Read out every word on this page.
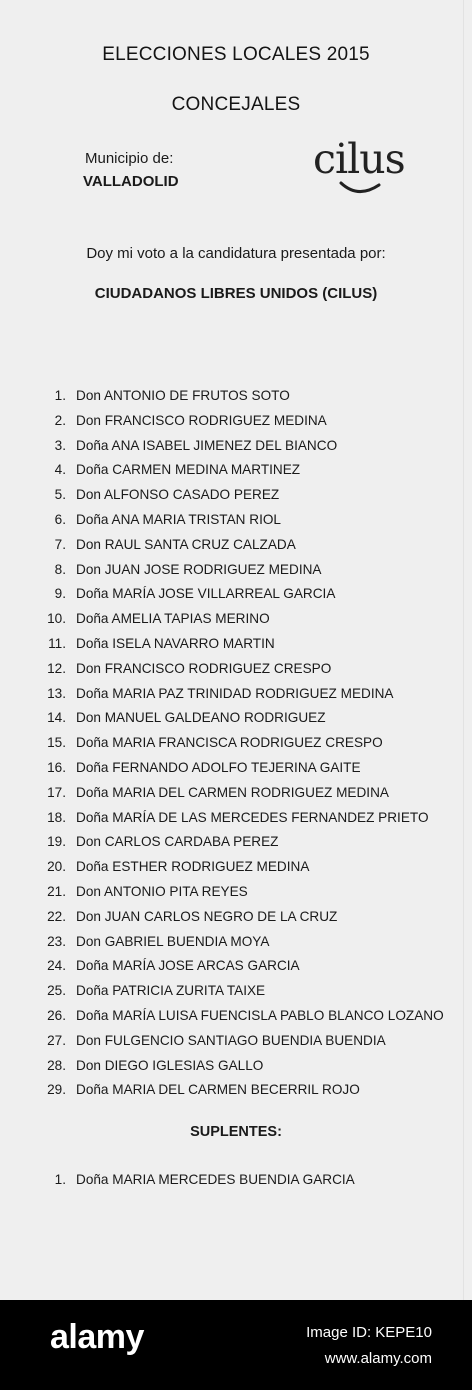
ELECCIONES LOCALES 2015
CONCEJALES
Municipio de:
VALLADOLID	cilus
Doy mi voto a la candidatura presentada por:
CIUDADANOS LIBRES UNIDOS (CILUS)
1. Don ANTONIO DE FRUTOS SOTO
2. Don FRANCISCO RODRIGUEZ MEDINA
3. Doña ANA ISABEL JIMENEZ DEL BIANCO
4. Doña CARMEN MEDINA MARTINEZ
5. Don ALFONSO CASADO PEREZ
6. Doña ANA MARIA TRISTAN RIOL
7. Don RAUL SANTA CRUZ CALZADA
8. Don JUAN JOSE RODRIGUEZ MEDINA
9. Doña MARÍA JOSE VILLARREAL GARCIA
10. Doña AMELIA TAPIAS MERINO
11. Doña ISELA NAVARRO MARTIN
12. Don FRANCISCO RODRIGUEZ CRESPO
13. Doña MARIA PAZ TRINIDAD RODRIGUEZ MEDINA
14. Don MANUEL GALDEANO RODRIGUEZ
15. Doña MARIA FRANCISCA RODRIGUEZ CRESPO
16. Doña FERNANDO ADOLFO TEJERINA GAITE
17. Doña MARIA DEL CARMEN RODRIGUEZ MEDINA
18. Doña MARÍA DE LAS MERCEDES FERNANDEZ PRIETO
19. Don CARLOS CARDABA PEREZ
20. Doña ESTHER RODRIGUEZ MEDINA
21. Don ANTONIO PITA REYES
22. Don JUAN CARLOS NEGRO DE LA CRUZ
23. Don GABRIEL BUENDIA MOYA
24. Doña MARÍA JOSE ARCAS GARCIA
25. Doña PATRICIA ZURITA TAIXE
26. Doña MARÍA LUISA FUENCISLA PABLO BLANCO LOZANO
27. Don FULGENCIO SANTIAGO BUENDIA BUENDIA
28. Don DIEGO IGLESIAS GALLO
29. Doña MARIA DEL CARMEN BECERRIL ROJO
SUPLENTES:
1. Doña MARIA MERCEDES BUENDIA GARCIA
alamy	Image ID: KEPE10
www.alamy.com
